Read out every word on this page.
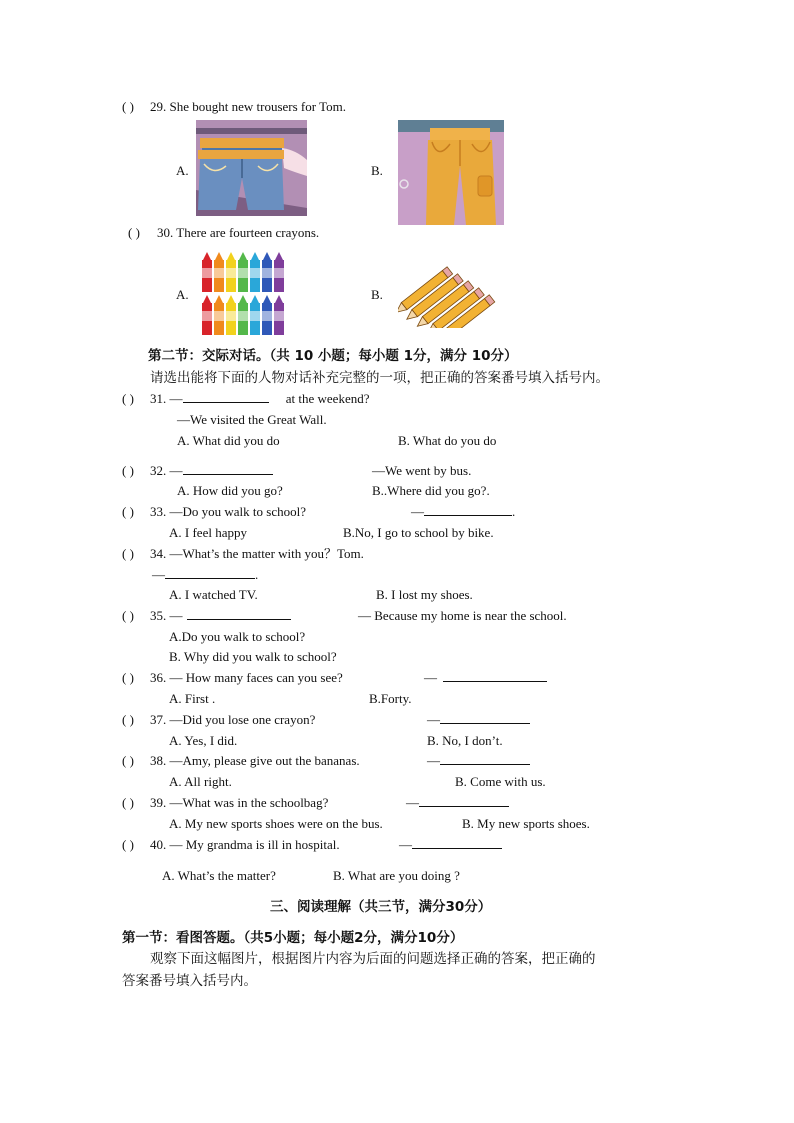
( ) 29. She bought new trousers for Tom.
A.	B.
( ) 30. There are fourteen crayons.
A.	B.
第二节：交际对话。（共 10 小题；每小题 1分，满分 10分）
请选出能将下面的人物对话补充完整的一项，把正确的答案番号填入括号内。
( ) 31. —	at the weekend?
—We visited the Great Wall.
A. What did you do	B. What do you do
( ) 32. —	—We went by bus.
A. How did you go?	B..Where did you go?.
( ) 33. —Do you walk to school?	—	.
A. I feel happy	B.No, I go to school by bike.
( ) 34. —What’s the matter with you？Tom.
—	.
A. I watched TV.	B. I lost my shoes.
( ) 35. —	— Because my home is near the school.
A.Do you walk to school?
B. Why did you walk to school?
( ) 36. — How many faces can you see?	—
A. First .	B.Forty.
( ) 37. —Did you lose one crayon?	—
A. Yes, I did.	B. No, I don’t.
( ) 38. —Amy, please give out the bananas.	—
A. All right.	B. Come with us.
( ) 39. —What was in the schoolbag?	—
A. My new sports shoes were on the bus.	B. My new sports shoes.
( ) 40. — My grandma is ill in hospital.	—
A. What’s the matter?	B. What are you doing ?
三、阅读理解（共三节，满分30分）
第一节：看图答题。（共5小题；每小题2分，满分10分）
观察下面这幅图片，根据图片内容为后面的问题选择正确的答案，把正确的
答案番号填入括号内。
